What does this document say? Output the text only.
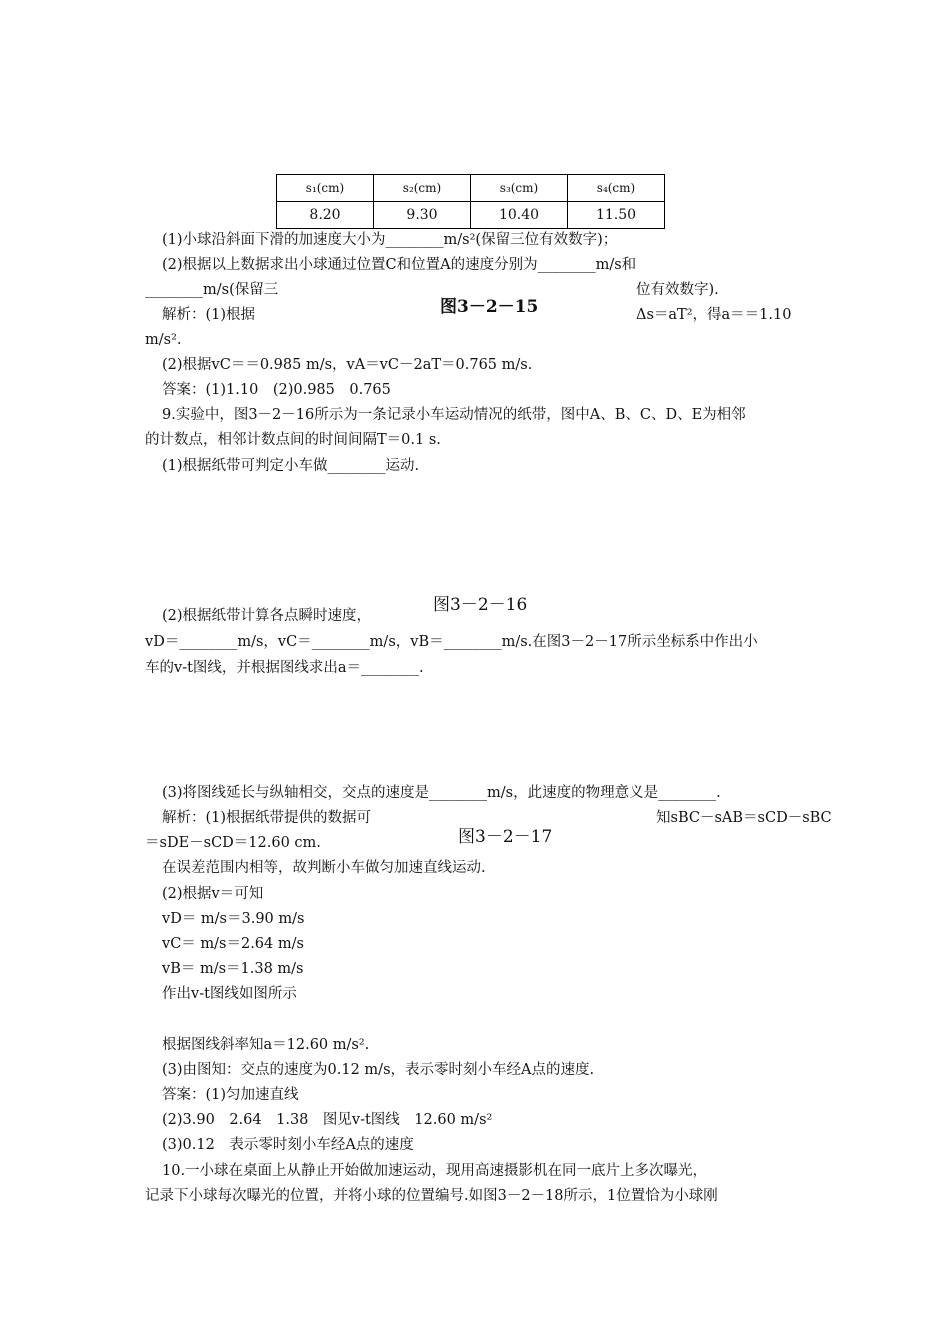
s₁(cm)	s₂(cm)	s₃(cm)	s₄(cm)
8.20	9.30	10.40	11.50
(1)小球沿斜面下滑的加速度大小为________m/s²(保留三位有效数字)；
(2)根据以上数据求出小球通过位置C和位置A的速度分别为________m/s和
________m/s(保留三	位有效数字).
图3－2－15
解析：(1)根据	Δs＝aT²，得a＝＝1.10
m/s².
(2)根据vC＝＝0.985 m/s，vA＝vC－2aT＝0.765 m/s.
答案：(1)1.10　(2)0.985　0.765
9.实验中，图3－2－16所示为一条记录小车运动情况的纸带，图中A、B、C、D、E为相邻
的计数点，相邻计数点间的时间间隔T＝0.1 s.
(1)根据纸带可判定小车做________运动.
图3－2－16
(2)根据纸带计算各点瞬时速度，
vD＝________m/s，vC＝________m/s，vB＝________m/s.在图3－2－17所示坐标系中作出小
车的v-t图线，并根据图线求出a＝________.
(3)将图线延长与纵轴相交，交点的速度是________m/s，此速度的物理意义是________.
解析：(1)根据纸带提供的数据可	知sBC－sAB＝sCD－sBC
图3－2－17
＝sDE－sCD＝12.60 cm.
在误差范围内相等，故判断小车做匀加速直线运动.
(2)根据v＝可知
vD＝ m/s＝3.90 m/s
vC＝ m/s＝2.64 m/s
vB＝ m/s＝1.38 m/s
作出v-t图线如图所示
根据图线斜率知a＝12.60 m/s².
(3)由图知：交点的速度为0.12 m/s，表示零时刻小车经A点的速度.
答案：(1)匀加速直线
(2)3.90　2.64　1.38　图见v-t图线　12.60 m/s²
(3)0.12　表示零时刻小车经A点的速度
10.一小球在桌面上从静止开始做加速运动，现用高速摄影机在同一底片上多次曝光，
记录下小球每次曝光的位置，并将小球的位置编号.如图3－2－18所示，1位置恰为小球刚
